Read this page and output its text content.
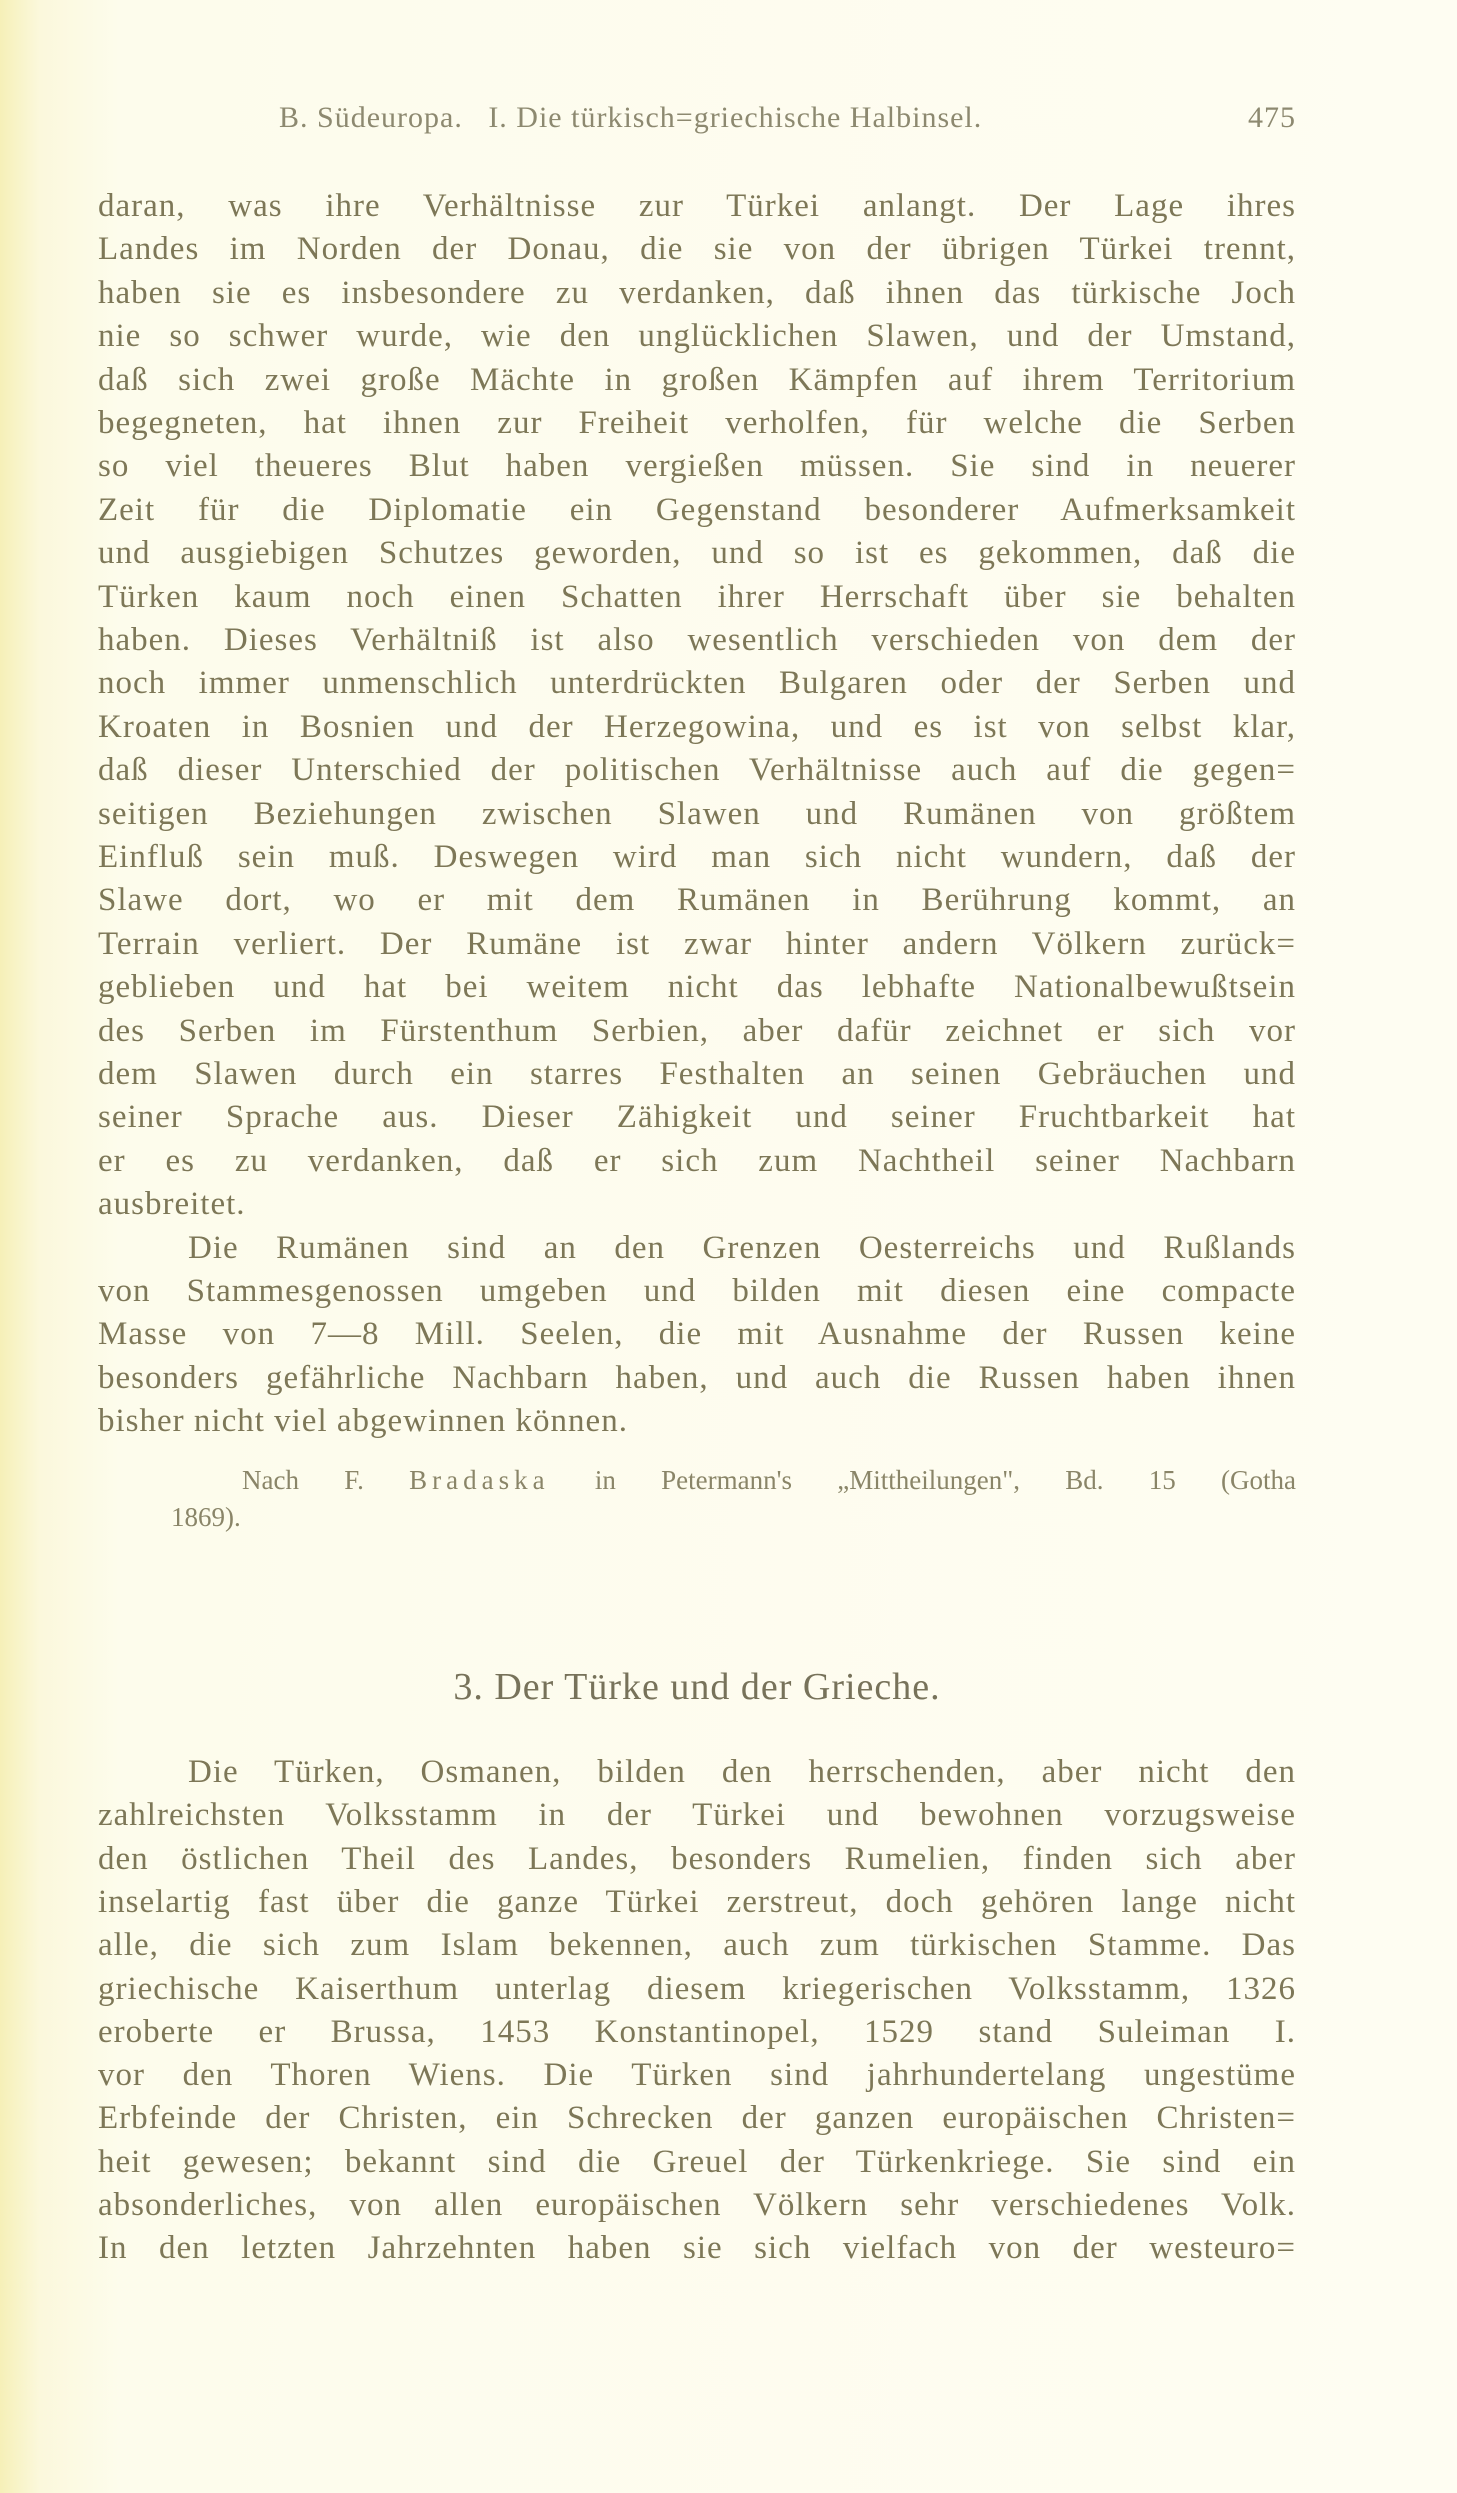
B. Südeuropa.   I. Die türkisch=griechische Halbinsel.	475
daran, was ihre Verhältnisse zur Türkei anlangt. Der Lage ihres
Landes im Norden der Donau, die sie von der übrigen Türkei trennt,
haben sie es insbesondere zu verdanken, daß ihnen das türkische Joch
nie so schwer wurde, wie den unglücklichen Slawen, und der Umstand,
daß sich zwei große Mächte in großen Kämpfen auf ihrem Territorium
begegneten, hat ihnen zur Freiheit verholfen, für welche die Serben
so viel theueres Blut haben vergießen müssen. Sie sind in neuerer
Zeit für die Diplomatie ein Gegenstand besonderer Aufmerksamkeit
und ausgiebigen Schutzes geworden, und so ist es gekommen, daß die
Türken kaum noch einen Schatten ihrer Herrschaft über sie behalten
haben. Dieses Verhältniß ist also wesentlich verschieden von dem der
noch immer unmenschlich unterdrückten Bulgaren oder der Serben und
Kroaten in Bosnien und der Herzegowina, und es ist von selbst klar,
daß dieser Unterschied der politischen Verhältnisse auch auf die gegen=
seitigen Beziehungen zwischen Slawen und Rumänen von größtem
Einfluß sein muß. Deswegen wird man sich nicht wundern, daß der
Slawe dort, wo er mit dem Rumänen in Berührung kommt, an
Terrain verliert. Der Rumäne ist zwar hinter andern Völkern zurück=
geblieben und hat bei weitem nicht das lebhafte Nationalbewußtsein
des Serben im Fürstenthum Serbien, aber dafür zeichnet er sich vor
dem Slawen durch ein starres Festhalten an seinen Gebräuchen und
seiner Sprache aus. Dieser Zähigkeit und seiner Fruchtbarkeit hat
er es zu verdanken, daß er sich zum Nachtheil seiner Nachbarn
ausbreitet.
Die Rumänen sind an den Grenzen Oesterreichs und Rußlands
von Stammesgenossen umgeben und bilden mit diesen eine compacte
Masse von 7—8 Mill. Seelen, die mit Ausnahme der Russen keine
besonders gefährliche Nachbarn haben, und auch die Russen haben ihnen
bisher nicht viel abgewinnen können.
Die Türken, Osmanen, bilden den herrschenden, aber nicht den
zahlreichsten Volksstamm in der Türkei und bewohnen vorzugsweise
den östlichen Theil des Landes, besonders Rumelien, finden sich aber
inselartig fast über die ganze Türkei zerstreut, doch gehören lange nicht
alle, die sich zum Islam bekennen, auch zum türkischen Stamme. Das
griechische Kaiserthum unterlag diesem kriegerischen Volksstamm, 1326
eroberte er Brussa, 1453 Konstantinopel, 1529 stand Suleiman I.
vor den Thoren Wiens. Die Türken sind jahrhundertelang ungestüme
Erbfeinde der Christen, ein Schrecken der ganzen europäischen Christen=
heit gewesen; bekannt sind die Greuel der Türkenkriege. Sie sind ein
absonderliches, von allen europäischen Völkern sehr verschiedenes Volk.
In den letzten Jahrzehnten haben sie sich vielfach von der westeuro=
Nach F. Bradaska in Petermann's „Mittheilungen", Bd. 15 (Gotha
1869).
3. Der Türke und der Grieche.
